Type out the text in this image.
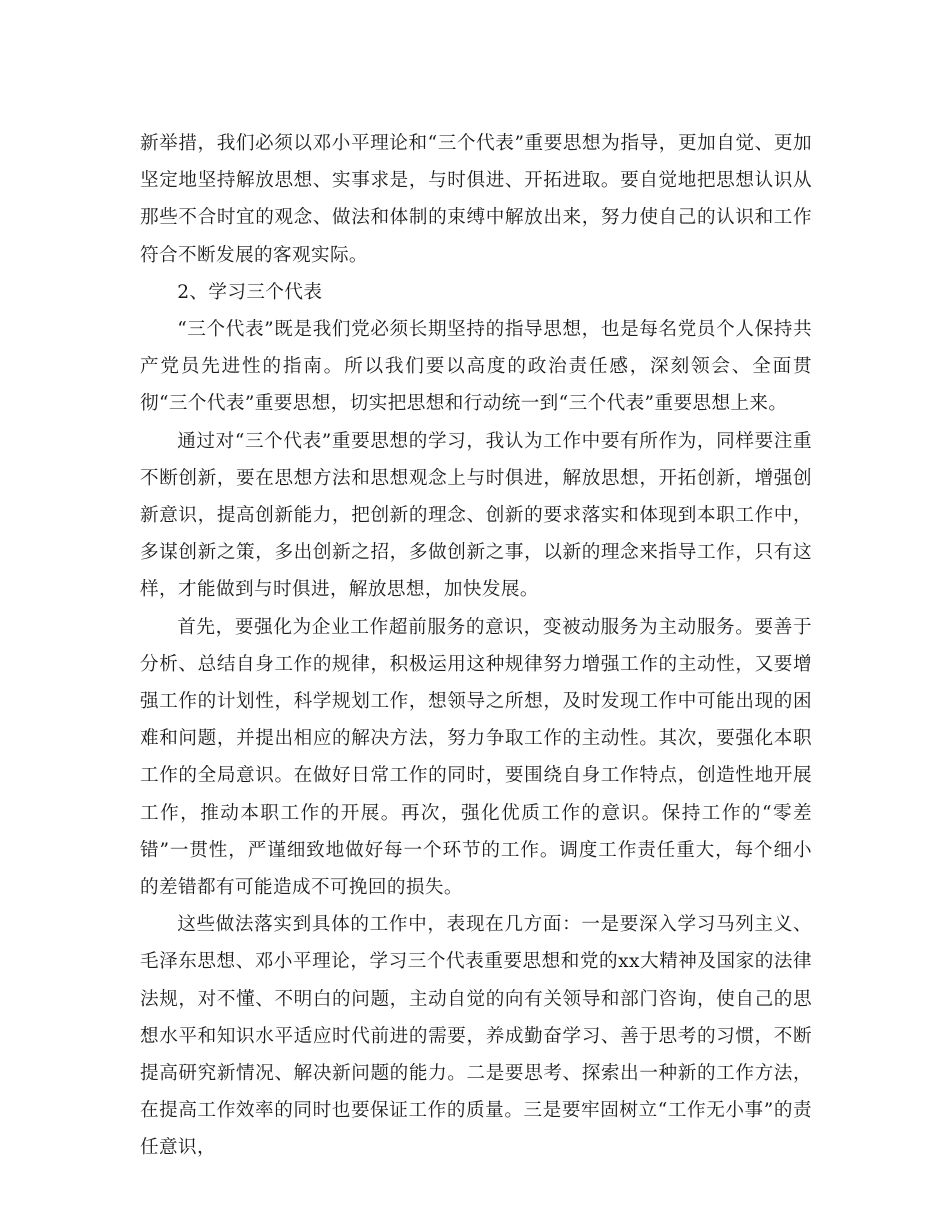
新举措，我们必须以邓小平理论和“三个代表”重要思想为指导，更加自觉、更加坚定地坚持解放思想、实事求是，与时俱进、开拓进取。要自觉地把思想认识从那些不合时宜的观念、做法和体制的束缚中解放出来，努力使自己的认识和工作符合不断发展的客观实际。

2、学习三个代表

“三个代表”既是我们党必须长期坚持的指导思想，也是每名党员个人保持共产党员先进性的指南。所以我们要以高度的政治责任感，深刻领会、全面贯彻“三个代表”重要思想，切实把思想和行动统一到“三个代表”重要思想上来。

通过对“三个代表”重要思想的学习，我认为工作中要有所作为，同样要注重不断创新，要在思想方法和思想观念上与时俱进，解放思想，开拓创新，增强创新意识，提高创新能力，把创新的理念、创新的要求落实和体现到本职工作中，多谋创新之策，多出创新之招，多做创新之事，以新的理念来指导工作，只有这样，才能做到与时俱进，解放思想，加快发展。

首先，要强化为企业工作超前服务的意识，变被动服务为主动服务。要善于分析、总结自身工作的规律，积极运用这种规律努力增强工作的主动性，又要增强工作的计划性，科学规划工作，想领导之所想，及时发现工作中可能出现的困难和问题，并提出相应的解决方法，努力争取工作的主动性。其次，要强化本职工作的全局意识。在做好日常工作的同时，要围绕自身工作特点，创造性地开展工作，推动本职工作的开展。再次，强化优质工作的意识。保持工作的“零差错”一贯性，严谨细致地做好每一个环节的工作。调度工作责任重大，每个细小的差错都有可能造成不可挽回的损失。

这些做法落实到具体的工作中，表现在几方面：一是要深入学习马列主义、毛泽东思想、邓小平理论，学习三个代表重要思想和党的xx大精神及国家的法律法规，对不懂、不明白的问题，主动自觉的向有关领导和部门咨询，使自己的思想水平和知识水平适应时代前进的需要，养成勤奋学习、善于思考的习惯，不断提高研究新情况、解决新问题的能力。二是要思考、探索出一种新的工作方法，在提高工作效率的同时也要保证工作的质量。三是要牢固树立“工作无小事”的责任意识，
